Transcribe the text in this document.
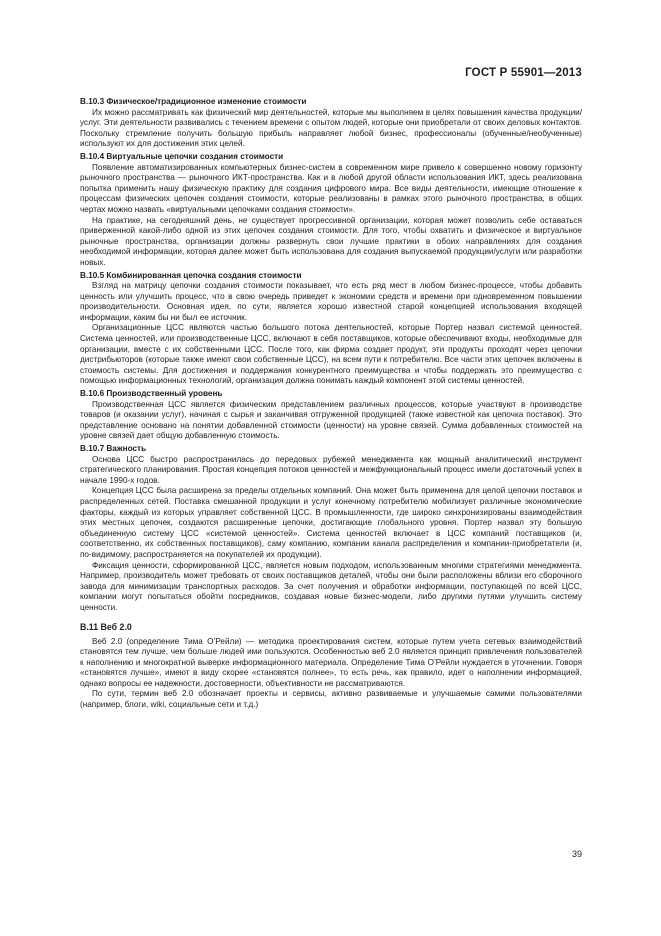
ГОСТ Р 55901—2013
В.10.3 Физическое/традиционное изменение стоимости

Их можно рассматривать как физический мир деятельностей, которые мы выполняем в целях повышения качества продукции/услуг. Эти деятельности развивались с течением времени с опытом людей, которые они приобретали от своих деловых контактов. Поскольку стремление получить большую прибыль направляет любой бизнес, профессионалы (обученные/необученные) используют их для достижения этих целей.

В.10.4 Виртуальные цепочки создания стоимости

Появление автоматизированных компьютерных бизнес-систем в современном мире привело к совершенно новому горизонту рыночного пространства — рыночного ИКТ-пространства. Как и в любой другой области использования ИКТ, здесь реализована попытка применить нашу физическую практику для создания цифрового мира. Все виды деятельности, имеющие отношение к процессам физических цепочек создания стоимости, которые реализованы в рамках этого рыночного пространства, в общих чертах можно назвать «виртуальными цепочками создания стоимости».

На практике, на сегодняшний день, не существует прогрессивной организации, которая может позволить себе оставаться приверженной какой-либо одной из этих цепочек создания стоимости. Для того, чтобы охватить и физическое и виртуальное рыночные пространства, организации должны развернуть свои лучшие практики в обоих направлениях для создания необходимой информации, которая далее может быть использована для создания выпускаемой продукции/услуги или разработки новых.

В.10.5 Комбинированная цепочка создания стоимости

Взгляд на матрицу цепочки создания стоимости показывает, что есть ряд мест в любом бизнес-процессе, чтобы добавить ценность или улучшить процесс, что в свою очередь приведет к экономии средств и времени при одновременном повышении производительности. Основная идея, по сути, является хорошо известной старой концепцией использования входящей информации, каким бы ни был ее источник.

Организационные ЦСС являются частью большого потока деятельностей, которые Портер назвал системой ценностей. Система ценностей, или производственные ЦСС, включают в себя поставщиков, которые обеспечивают входы, необходимые для организации, вместе с их собственными ЦСС. После того, как фирма создает продукт, эти продукты проходят через цепочки дистрибьюторов (которые также имеют свои собственные ЦСС), на всем пути к потребителю. Все части этих цепочек включены в стоимость системы. Для достижения и поддержания конкурентного преимущества и чтобы поддержать это преимущество с помощью информационных технологий, организация должна понимать каждый компонент этой системы ценностей.

В.10.6 Производственный уровень

Производственная ЦСС является физическим представлением различных процессов, которые участвуют в производстве товаров (и оказании услуг), начиная с сырья и заканчивая отгруженной продукцией (также известной как цепочка поставок). Это представление основано на понятии добавленной стоимости (ценности) на уровне связей. Сумма добавленных стоимостей на уровне связей дает общую добавленную стоимость.

В.10.7 Важность

Основа ЦСС быстро распространилась до передовых рубежей менеджмента как мощный аналитический инструмент стратегического планирования. Простая концепция потоков ценностей и межфункциональный процесс имели достаточный успех в начале 1990-х годов.

Концепция ЦСС была расширена за пределы отдельных компаний. Она может быть применена для целой цепочки поставок и распределенных сетей. Поставка смешанной продукции и услуг конечному потребителю мобилизует различные экономические факторы, каждый из которых управляет собственной ЦСС. В промышленности, где широко синхронизированы взаимодействия этих местных цепочек, создаются расширенные цепочки, достигающие глобального уровня. Портер назвал эту большую объединенную систему ЦСС «системой ценностей». Система ценностей включает в ЦСС компаний поставщиков (и, соответственно, их собственных поставщиков), саму компанию, компании канала распределения и компании-приобретатели (и, по-видимому, распространяется на покупателей их продукции).

Фиксация ценности, сформированной ЦСС, является новым подходом, использованным многими стратегиями менеджмента. Например, производитель может требовать от своих поставщиков деталей, чтобы они были расположены вблизи его сборочного завода для минимизации транспортных расходов. За счет получения и обработки информации, поступающей по всей ЦСС, компании могут попытаться обойти посредников, создавая новые бизнес-модели, либо другими путями улучшить систему ценности.

В.11 Веб 2.0

Веб 2.0 (определение Тима О’Рейли) — методика проектирования систем, которые путем учета сетевых взаимодействий становятся тем лучше, чем больше людей ими пользуются. Особенностью веб 2.0 является принцип привлечения пользователей к наполнению и многократной выверке информационного материала. Определение Тима О’Рейли нуждается в уточнении. Говоря «становятся лучше», имеют в виду скорее «становятся полнее», то есть речь, как правило, идет о наполнении информацией, однако вопросы ее надежности, достоверности, объективности не рассматриваются.

По сути, термин веб 2.0 обозначает проекты и сервисы, активно развиваемые и улучшаемые самими пользователями (например, блоги, wiki, социальные сети и т.д.)

39
